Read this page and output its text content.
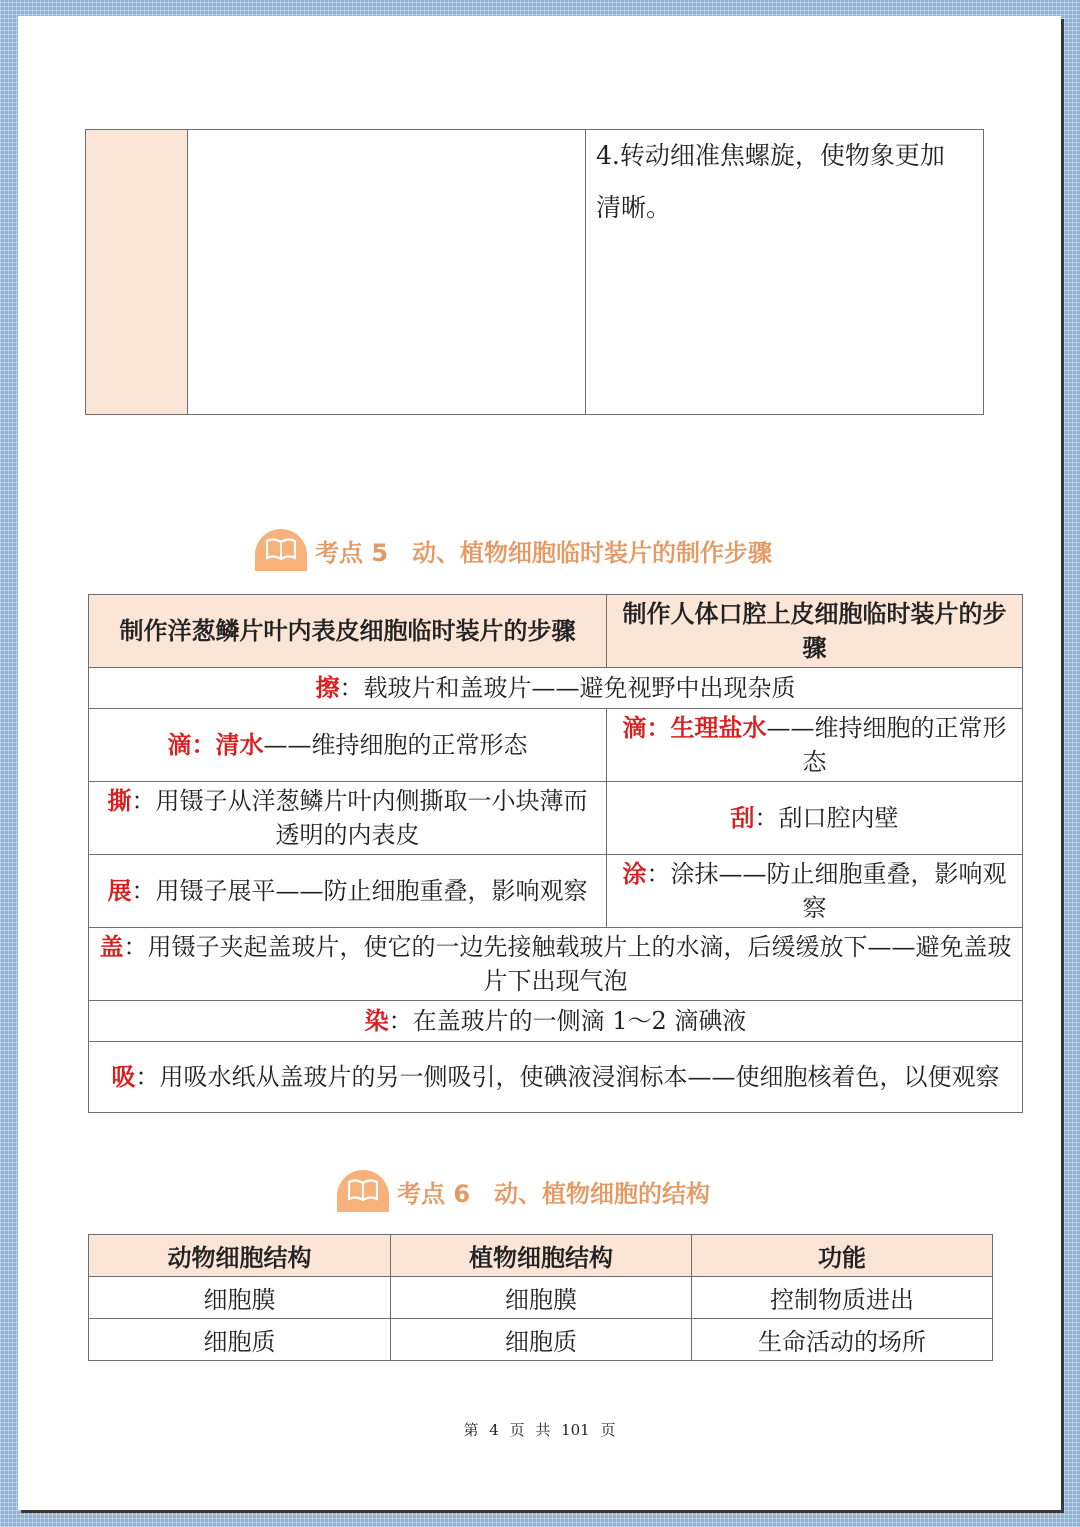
4.转动细准焦螺旋，使物象更加
清晰。
考点 5 动、植物细胞临时装片的制作步骤
制作洋葱鳞片叶内表皮细胞临时装片的步骤	制作人体口腔上皮细胞临时装片的步骤
擦：载玻片和盖玻片——避免视野中出现杂质	
滴：清水——维持细胞的正常形态	滴：生理盐水——维持细胞的正常形态
撕：用镊子从洋葱鳞片叶内侧撕取一小块薄而透明的内表皮	刮：刮口腔内壁
展：用镊子展平——防止细胞重叠，影响观察	涂：涂抹——防止细胞重叠，影响观察
盖：用镊子夹起盖玻片，使它的一边先接触载玻片上的水滴，后缓缓放下——避免盖玻片下出现气泡	
染：在盖玻片的一侧滴 1～2 滴碘液	
吸：用吸水纸从盖玻片的另一侧吸引，使碘液浸润标本——使细胞核着色，以便观察	
考点 6 动、植物细胞的结构
动物细胞结构	植物细胞结构	功能
细胞膜	细胞膜	控制物质进出
细胞质	细胞质	生命活动的场所
第 4 页 共 101 页
